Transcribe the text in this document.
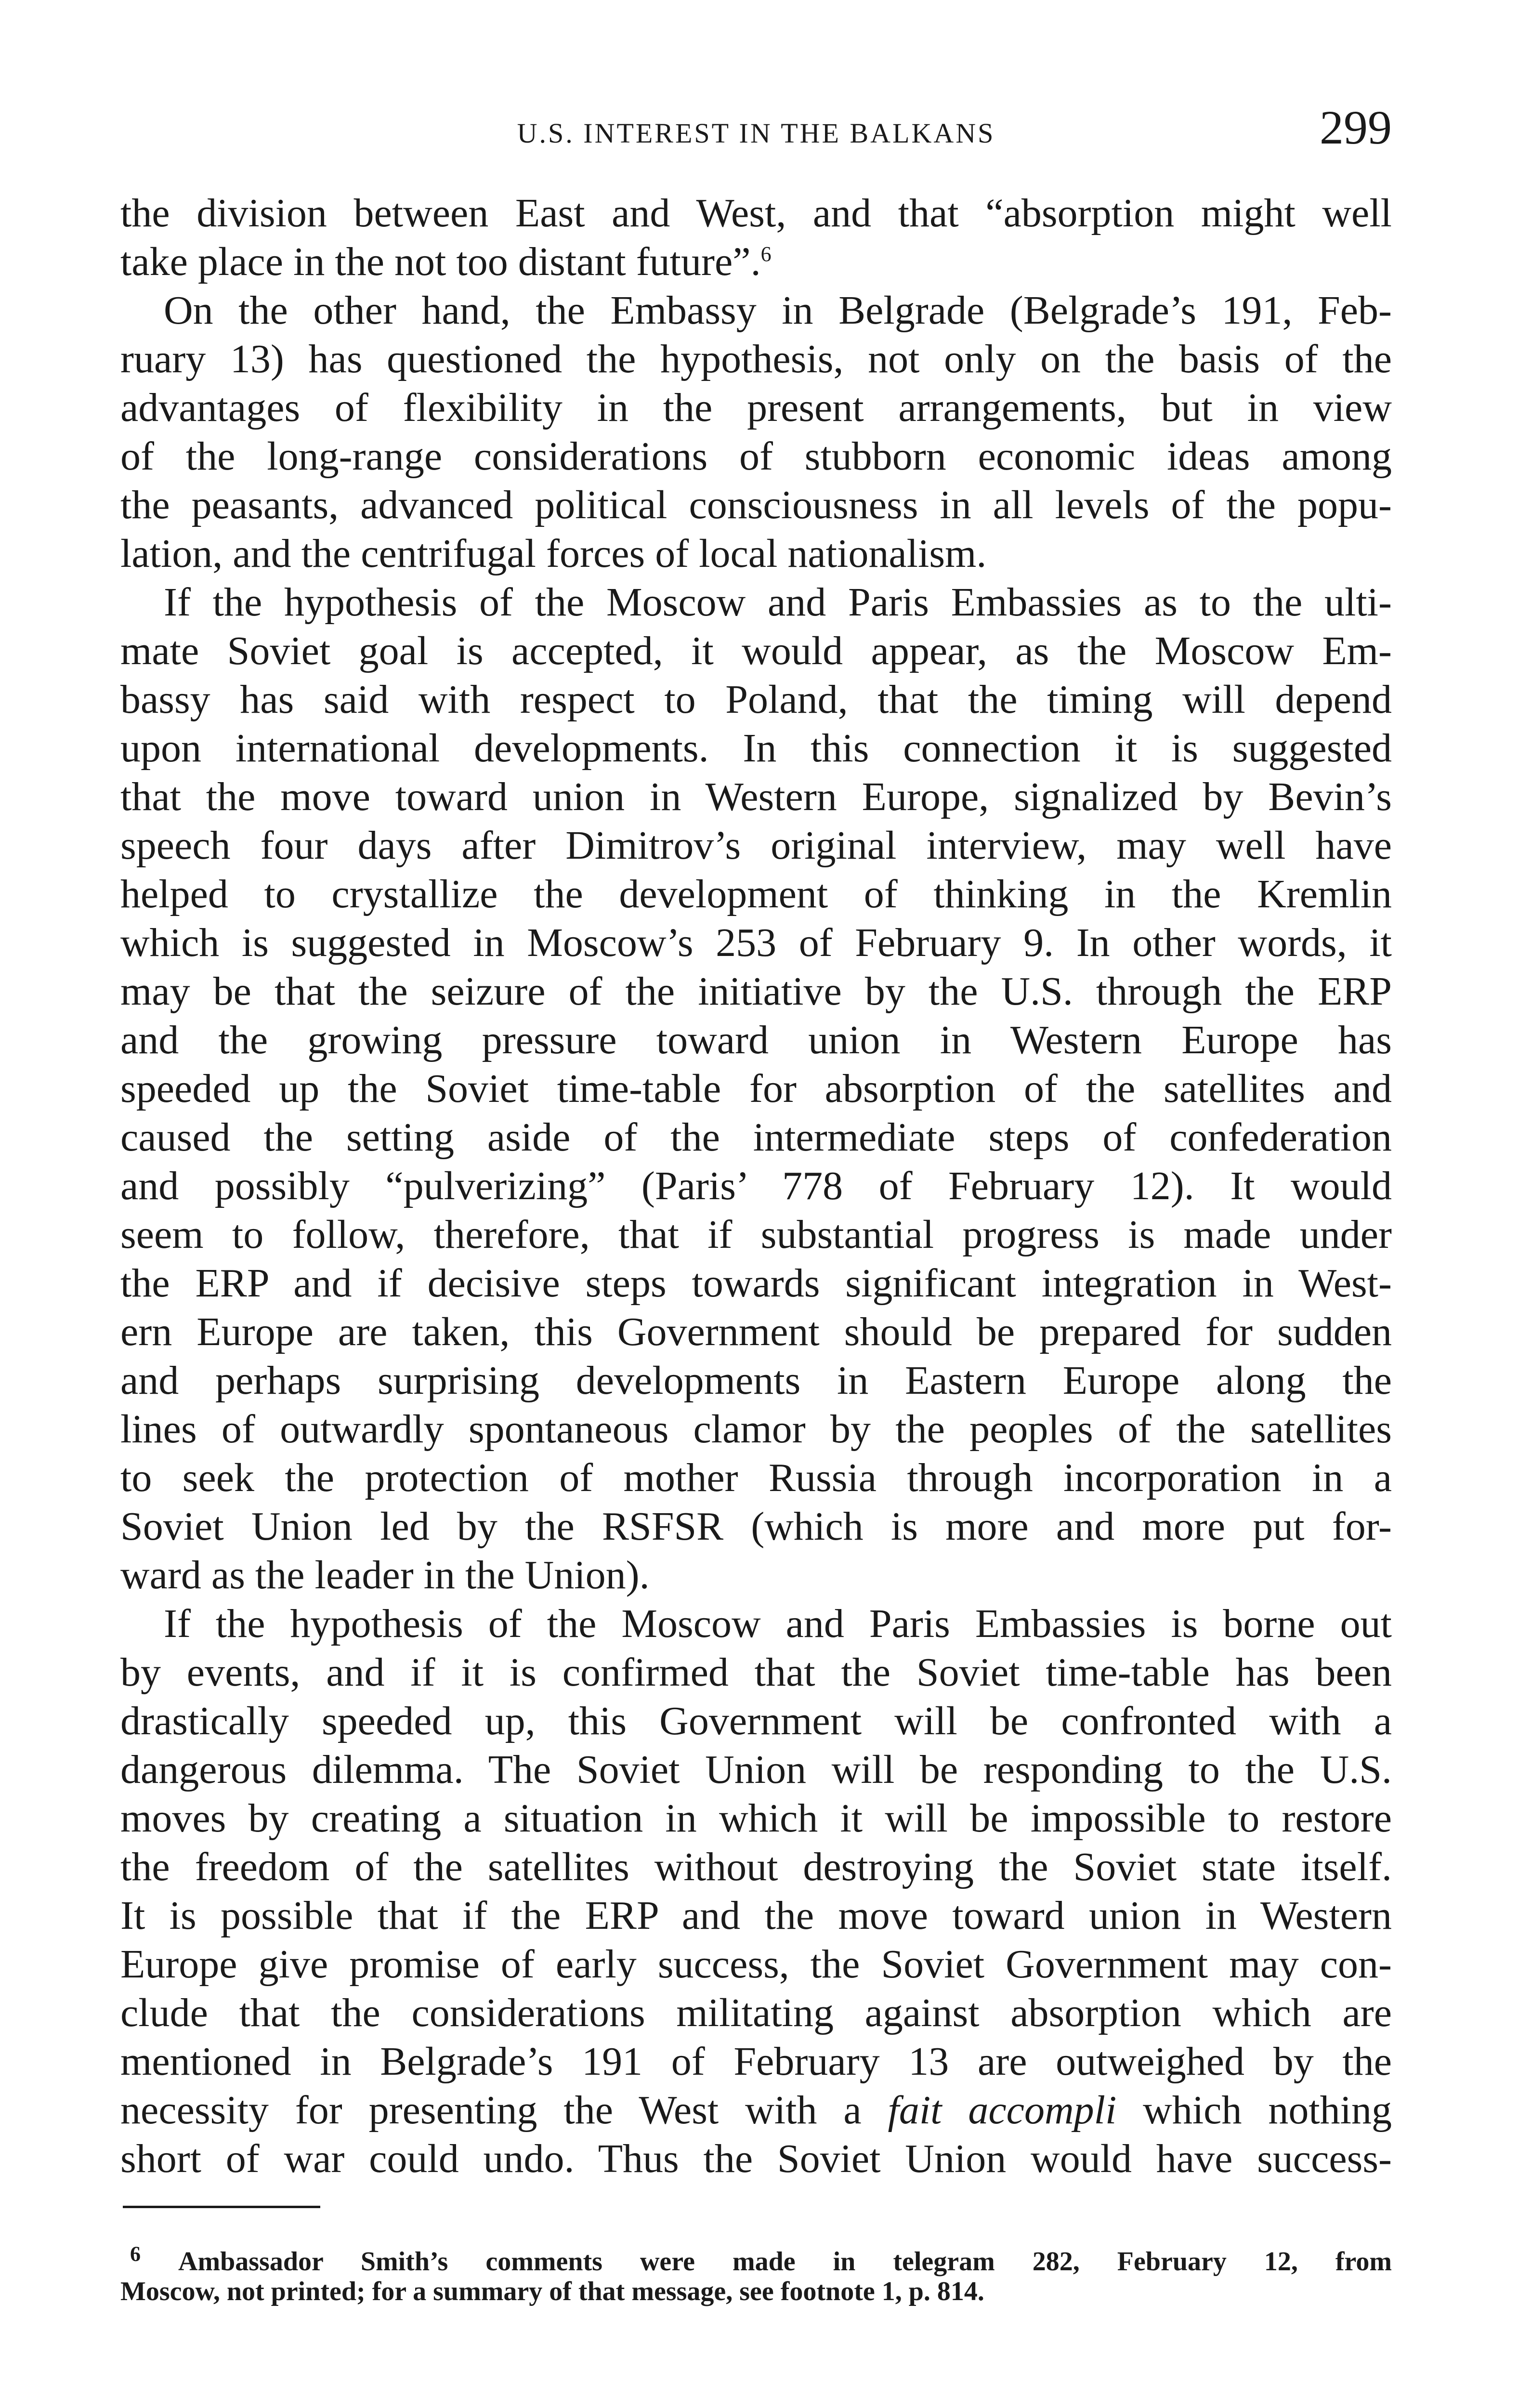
U.S. INTEREST IN THE BALKANS	299
the division between East and West, and that “absorption might well
take place in the not too distant future”.$^6$
On the other hand, the Embassy in Belgrade (Belgrade’s 191, Feb-
ruary 13) has questioned the hypothesis, not only on the basis of the
advantages of flexibility in the present arrangements, but in view
of the long-range considerations of stubborn economic ideas among
the peasants, advanced political consciousness in all levels of the popu-
lation, and the centrifugal forces of local nationalism.
If the hypothesis of the Moscow and Paris Embassies as to the ulti-
mate Soviet goal is accepted, it would appear, as the Moscow Em-
bassy has said with respect to Poland, that the timing will depend
upon international developments. In this connection it is suggested
that the move toward union in Western Europe, signalized by Bevin’s
speech four days after Dimitrov’s original interview, may well have
helped to crystallize the development of thinking in the Kremlin
which is suggested in Moscow’s 253 of February 9. In other words, it
may be that the seizure of the initiative by the U.S. through the ERP
and the growing pressure toward union in Western Europe has
speeded up the Soviet time-table for absorption of the satellites and
caused the setting aside of the intermediate steps of confederation
and possibly “pulverizing” (Paris’ 778 of February 12). It would
seem to follow, therefore, that if substantial progress is made under
the ERP and if decisive steps towards significant integration in West-
ern Europe are taken, this Government should be prepared for sudden
and perhaps surprising developments in Eastern Europe along the
lines of outwardly spontaneous clamor by the peoples of the satellites
to seek the protection of mother Russia through incorporation in a
Soviet Union led by the RSFSR (which is more and more put for-
ward as the leader in the Union).
If the hypothesis of the Moscow and Paris Embassies is borne out
by events, and if it is confirmed that the Soviet time-table has been
drastically speeded up, this Government will be confronted with a
dangerous dilemma. The Soviet Union will be responding to the U.S.
moves by creating a situation in which it will be impossible to restore
the freedom of the satellites without destroying the Soviet state itself.
It is possible that if the ERP and the move toward union in Western
Europe give promise of early success, the Soviet Government may con-
clude that the considerations militating against absorption which are
mentioned in Belgrade’s 191 of February 13 are outweighed by the
necessity for presenting the West with a fait accompli which nothing
short of war could undo. Thus the Soviet Union would have success-
$^6$ Ambassador Smith’s comments were made in telegram 282, February 12, from
Moscow, not printed; for a summary of that message, see footnote 1, p. 814.
